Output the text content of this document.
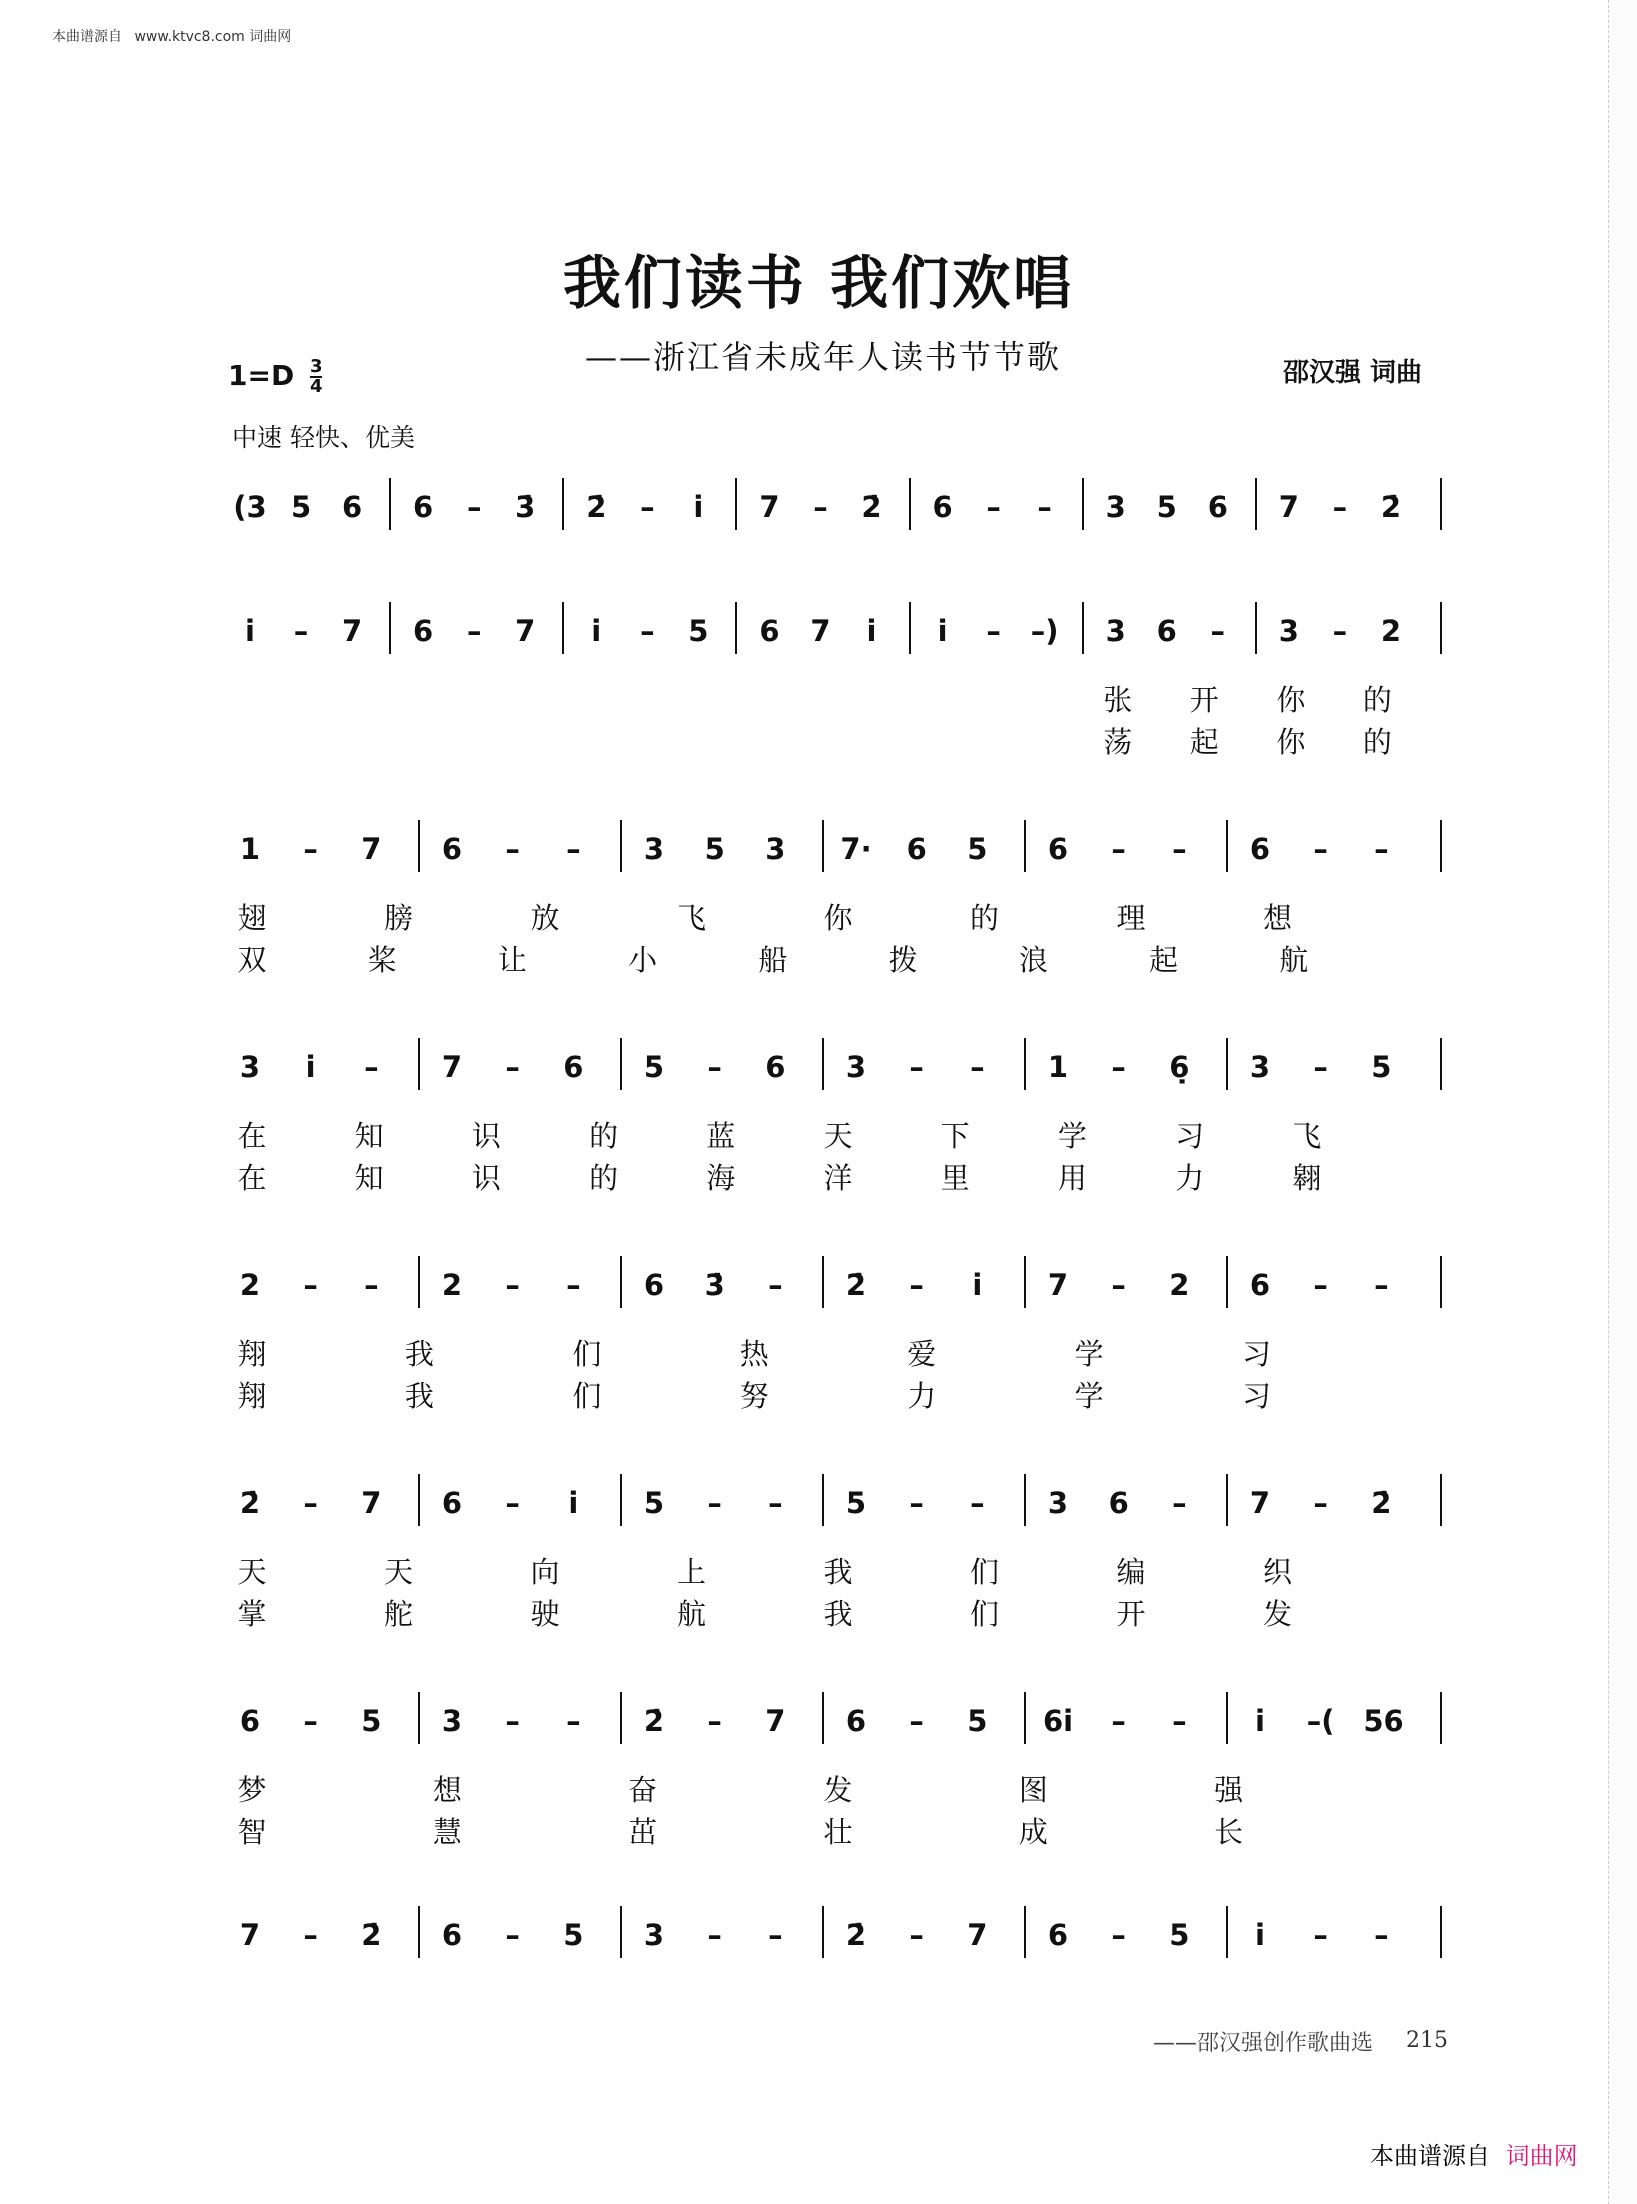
本曲谱源自 www.ktvc8.com 词曲网
我们读书 我们欢唱
——浙江省未成年人读书节节歌	邵汉强 词曲
$1=D \frac{3}{4}$
中速 轻快、优美
(3 5 6 6	–	3̇ 2̇	–	i	7	–	2̇ 6	–	–	3 5 6 7	–	2̇
i	–	7 6	–	7	i	–	5 6 7	i	i	–	–) 3 6	–	3	–	2
张 开 你 的
荡 起 你 的
1	–	7 6	–	–	3 5 3 7· 6 5 6	–	–	6	–	–
翅	膀	放	飞	你	的	理	想
双	桨	让	小	船	拨	浪	起	航
3	i	–	7	–	6 5	–	6 3	–	–	1	–	6̣ 3	–	5
在	知	识	的	蓝	天	下	学	习	飞
在	知	识	的	海	洋	里	用	力	翱
2	–	–	2	–	–	6 3̇	–	2̇	–	i	7	–	2 6	–	–
翔	我	们	热	爱	学	习
翔	我	们	努	力	学	习
2̇	–	7 6	–	i	5	–	–	5	–	–	3 6	–	7	–	2̇
天	天	向	上	我	们	编	织
掌	舵	驶	航	我	们	开	发
6	–	5 3	–	–	2̇	–	7 6	–	5 6i	–	–	i	–( 56
梦	想	奋	发	图	强
智	慧	茁	壮	成	长
7	–	2̇ 6	–	5 3	–	–	2̇	–	7 6	–	5	i	–	–
——邵汉强创作歌曲选 215
本曲谱源自 词曲网
